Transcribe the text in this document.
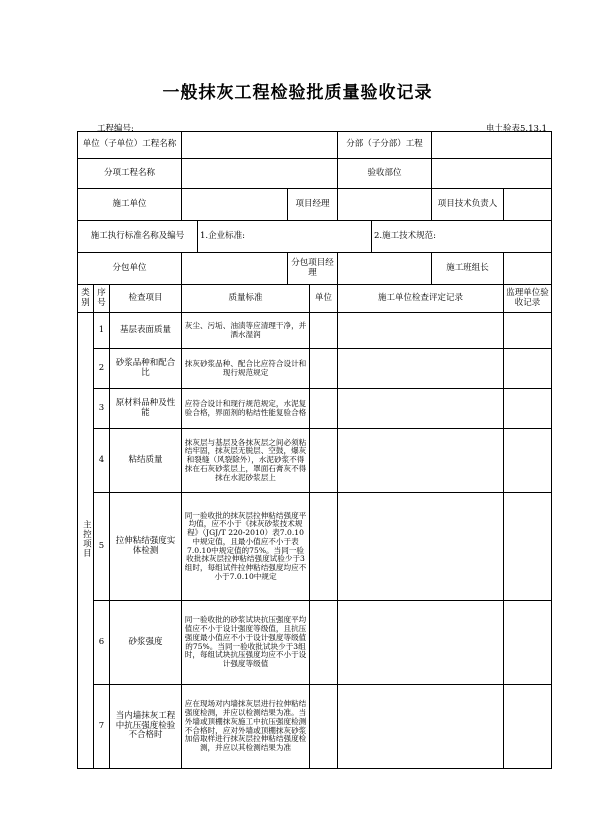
一般抹灰工程检验批质量验收记录
工程编号:	电土验表5.13.1
单位（子单位）工程名称							分部（子分部）工程			
分项工程名称							验收部位			
施工单位					项目经理				项目技术负责人	
施工执行标准名称及编号				1.企业标准:				2.施工技术规范:		
分包单位					分包项目经理				施工班组长	
类别	序号	检查项目	质量标准			单位	施工单位检查评定记录			监理单位验收记录
主控项目	1	基层表面质量	灰尘、污垢、油渍等应清理干净，并洒水湿润							
	2	砂浆品种和配合比	抹灰砂浆品种、配合比应符合设计和现行规范规定							
	3	原材料品种及性能	应符合设计和现行规范规定，水泥复验合格，界面剂的粘结性能复验合格							
	4	粘结质量	抹灰层与基层及各抹灰层之间必须粘结牢固，抹灰层无脱层、空鼓，爆灰和裂缝（风裂除外），水泥砂浆不得抹在石灰砂浆层上，罩面石膏灰不得抹在水泥砂浆层上							
	5	拉伸粘结强度实体检测	同一验收批的抹灰层拉伸粘结强度平均值，应不小于《抹灰砂浆技术规程》（JGJ/T 220-2010）表7.0.10中规定值，且最小值应不小于表7.0.10中规定值的75%。当同一验收批抹灰层拉伸粘结强度试验少于3组时，每组试件拉伸粘结强度均应不小于7.0.10中规定							
	6	砂浆强度	同一验收批的砂浆试块抗压强度平均值应不小于设计强度等级值，且抗压强度最小值应不小于设计强度等级值的75%。当同一验收批试块少于3组时，每组试块抗压强度均应不小于设计强度等级值							
	7	当内墙抹灰工程中抗压强度检验不合格时	应在现场对内墙抹灰层进行拉伸粘结强度检测，并应以检测结果为准。当外墙或顶棚抹灰施工中抗压强度检测不合格时，应对外墙或顶棚抹灰砂浆加倍取样进行抹灰层拉伸粘结强度检测，并应以其检测结果为准							
